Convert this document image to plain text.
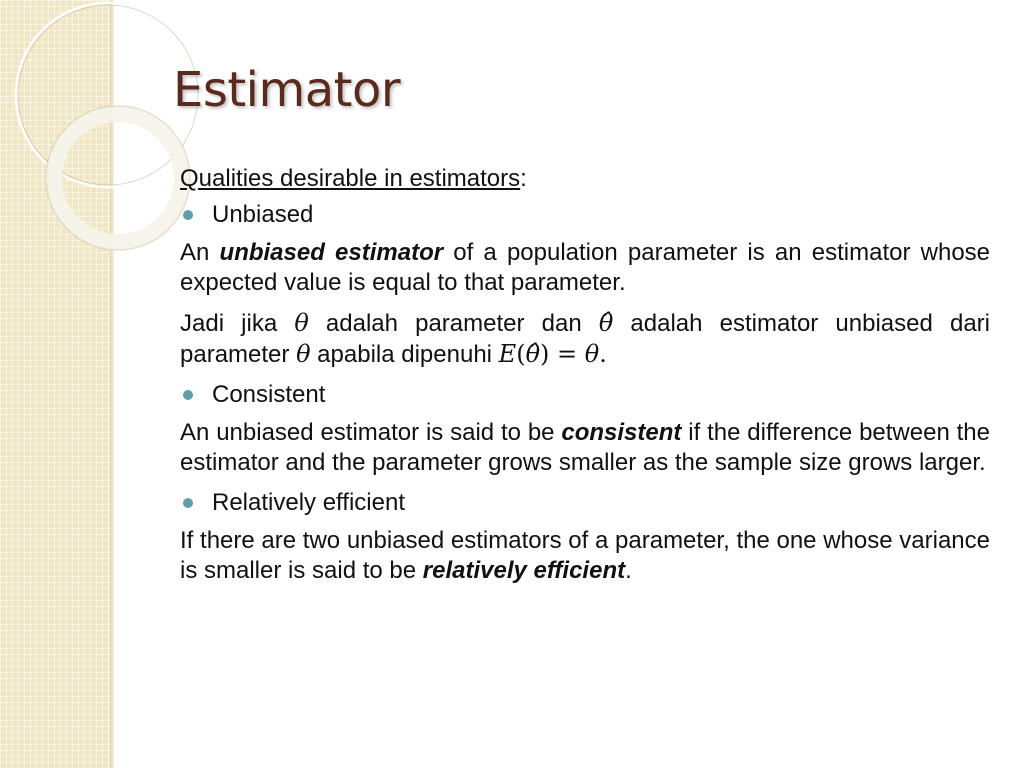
Estimator
Qualities desirable in estimators:
Unbiased
An unbiased estimator of a population parameter is an estimator whose expected value is equal to that parameter.
Jadi jika θ adalah parameter dan θ̂ adalah estimator unbiased dari parameter θ apabila dipenuhi E(θ̂) = θ.
Consistent
An unbiased estimator is said to be consistent if the difference between the estimator and the parameter grows smaller as the sample size grows larger.
Relatively efficient
If there are two unbiased estimators of a parameter, the one whose variance is smaller is said to be relatively efficient.
